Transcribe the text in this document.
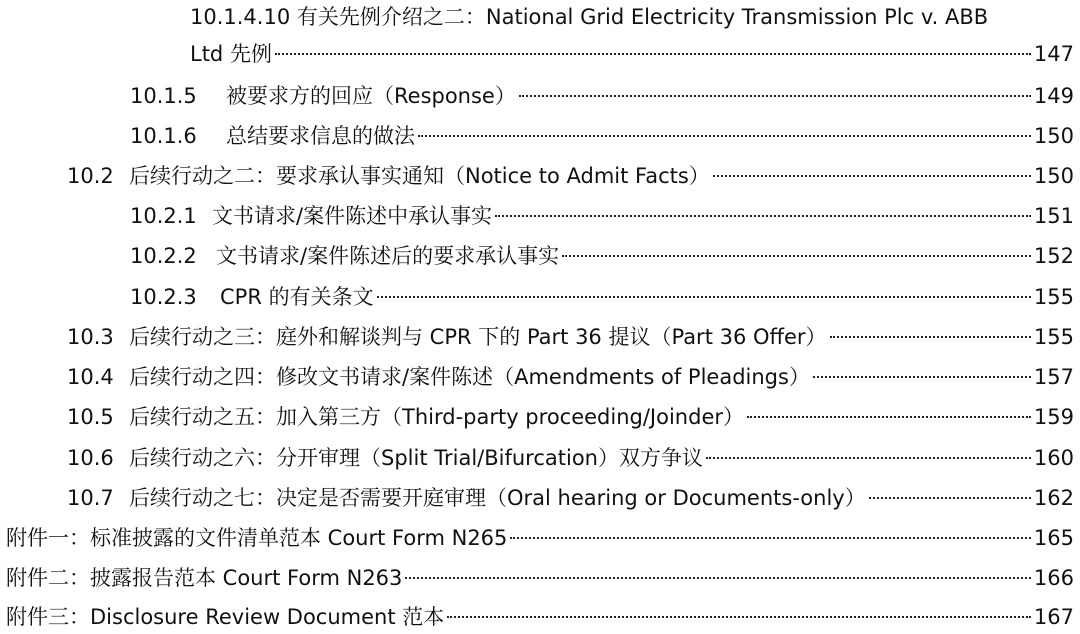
10.1.4.10 有关先例介绍之二：National Grid Electricity Transmission Plc v. ABB
Ltd 先例	147
10.1.5 被要求方的回应（Response）	149
10.1.6 总结要求信息的做法	150
10.2 后续行动之二：要求承认事实通知（Notice to Admit Facts）	150
10.2.1 文书请求/案件陈述中承认事实	151
10.2.2 文书请求/案件陈述后的要求承认事实	152
10.2.3 CPR 的有关条文	155
10.3 后续行动之三：庭外和解谈判与 CPR 下的 Part 36 提议（Part 36 Offer）	155
10.4 后续行动之四：修改文书请求/案件陈述（Amendments of Pleadings）	157
10.5 后续行动之五：加入第三方（Third-party proceeding/Joinder）	159
10.6 后续行动之六：分开审理（Split Trial/Bifurcation）双方争议	160
10.7 后续行动之七：决定是否需要开庭审理（Oral hearing or Documents-only）	162
附件一：标准披露的文件清单范本 Court Form N265	165
附件二：披露报告范本 Court Form N263	166
附件三：Disclosure Review Document 范本	167
